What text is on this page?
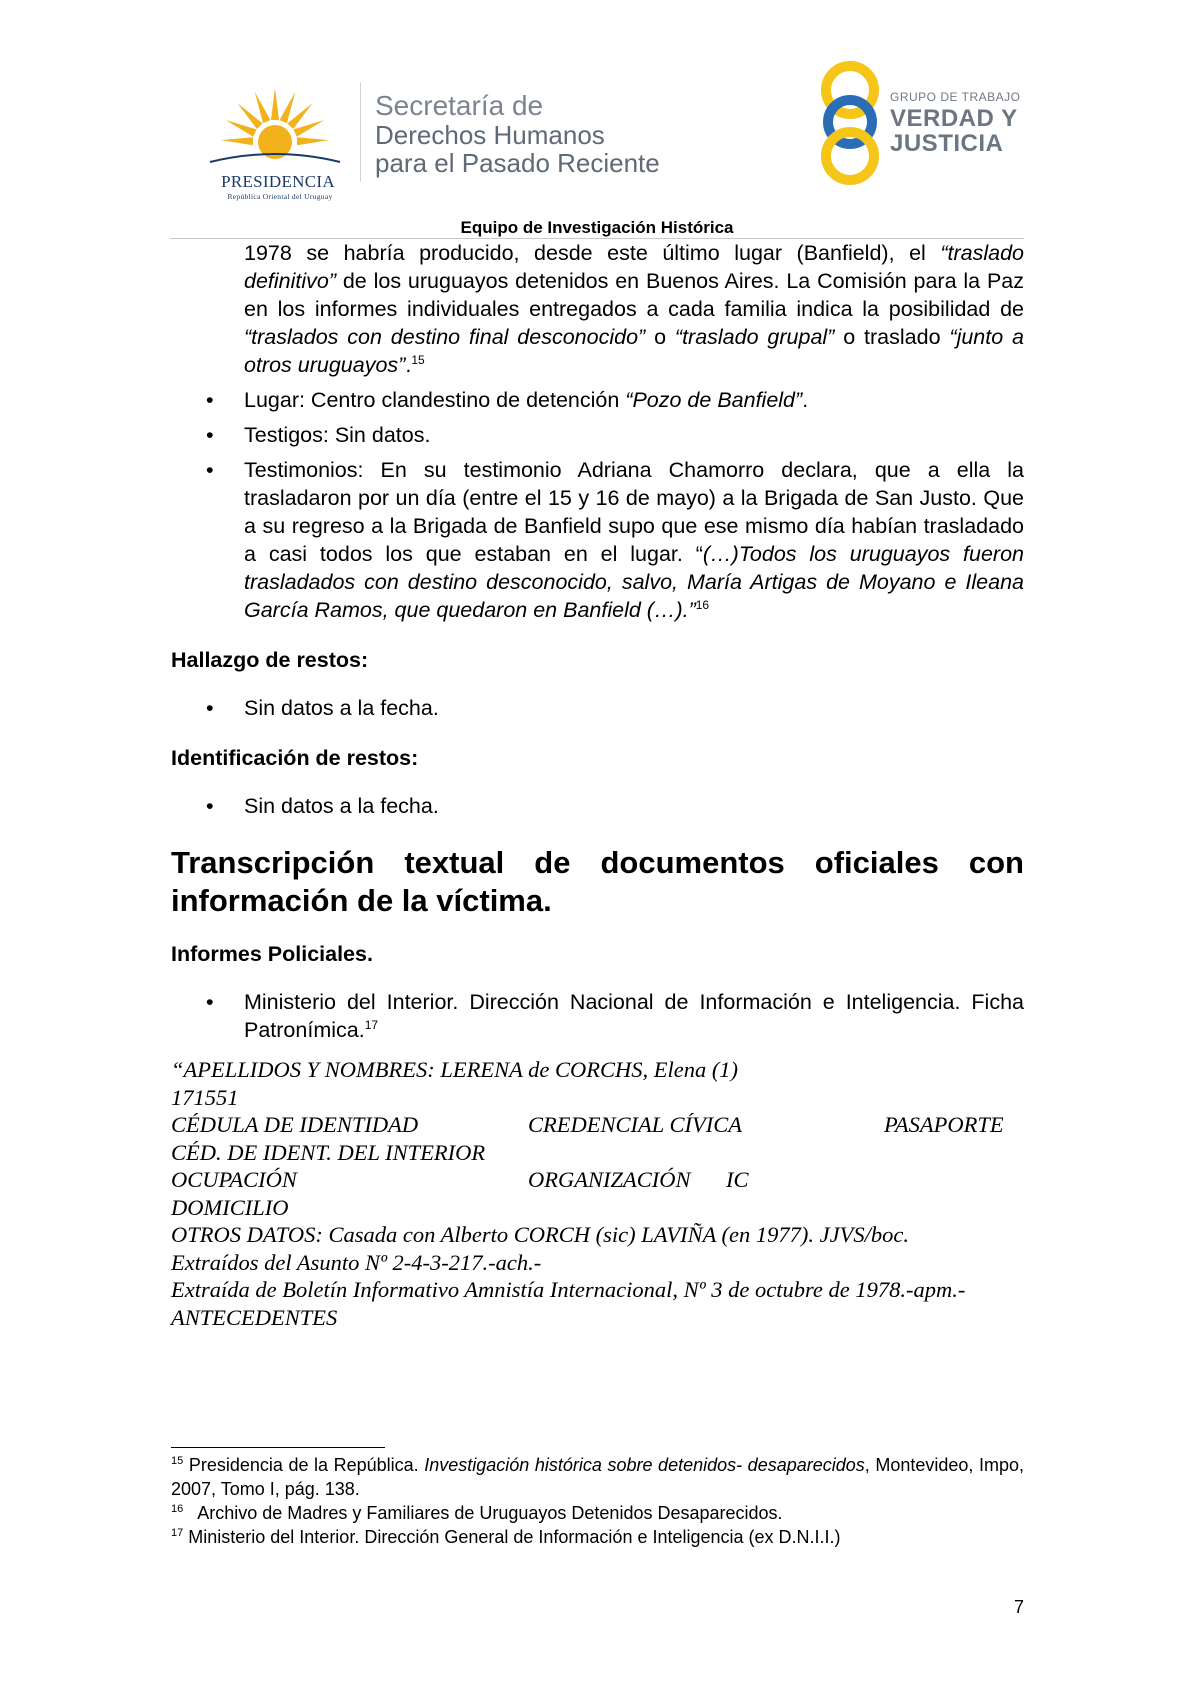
PRESIDENCIA
República Oriental del Uruguay
Secretaría de
Derechos Humanos
para el Pasado Reciente
GRUPO DE TRABAJO
VERDAD Y
JUSTICIA
Equipo de Investigación Histórica

1978 se habría producido, desde este último lugar (Banfield), el “traslado definitivo” de los uruguayos detenidos en Buenos Aires. La Comisión para la Paz en los informes individuales entregados a cada familia indica la posibilidad de “traslados con destino final desconocido” o “traslado grupal” o traslado “junto a otros uruguayos”.$^{15}$

• Lugar: Centro clandestino de detención “Pozo de Banfield”.

• Testigos: Sin datos.

• Testimonios: En su testimonio Adriana Chamorro declara, que a ella la trasladaron por un día (entre el 15 y 16 de mayo) a la Brigada de San Justo. Que a su regreso a la Brigada de Banfield supo que ese mismo día habían trasladado a casi todos los que estaban en el lugar. “(…)Todos los uruguayos fueron trasladados con destino desconocido, salvo, María Artigas de Moyano e Ileana García Ramos, que quedaron en Banfield (…).”$^{16}$

Hallazgo de restos:

• Sin datos a la fecha.

Identificación de restos:

• Sin datos a la fecha.

Transcripción textual de documentos oficiales con información de la víctima.

Informes Policiales.

• Ministerio del Interior. Dirección Nacional de Información e Inteligencia. Ficha Patronímica.$^{17}$

“APELLIDOS Y NOMBRES: LERENA de CORCHS, Elena (1)
171551
CÉDULA DE IDENTIDAD	CREDENCIAL CÍVICA	PASAPORTE
CÉD. DE IDENT. DEL INTERIOR
OCUPACIÓN	ORGANIZACIÓN IC
DOMICILIO
OTROS DATOS: Casada con Alberto CORCH (sic) LAVIÑA (en 1977). JJVS/boc.
Extraídos del Asunto Nº 2-4-3-217.-ach.-
Extraída de Boletín Informativo Amnistía Internacional, Nº 3 de octubre de 1978.-apm.-
ANTECEDENTES

$^{15}$ Presidencia de la República. Investigación histórica sobre detenidos- desaparecidos, Montevideo, Impo, 2007, Tomo I, pág. 138.

$^{16}$   Archivo de Madres y Familiares de Uruguayos Detenidos Desaparecidos.

$^{17}$ Ministerio del Interior. Dirección General de Información e Inteligencia (ex D.N.I.I.)

7
